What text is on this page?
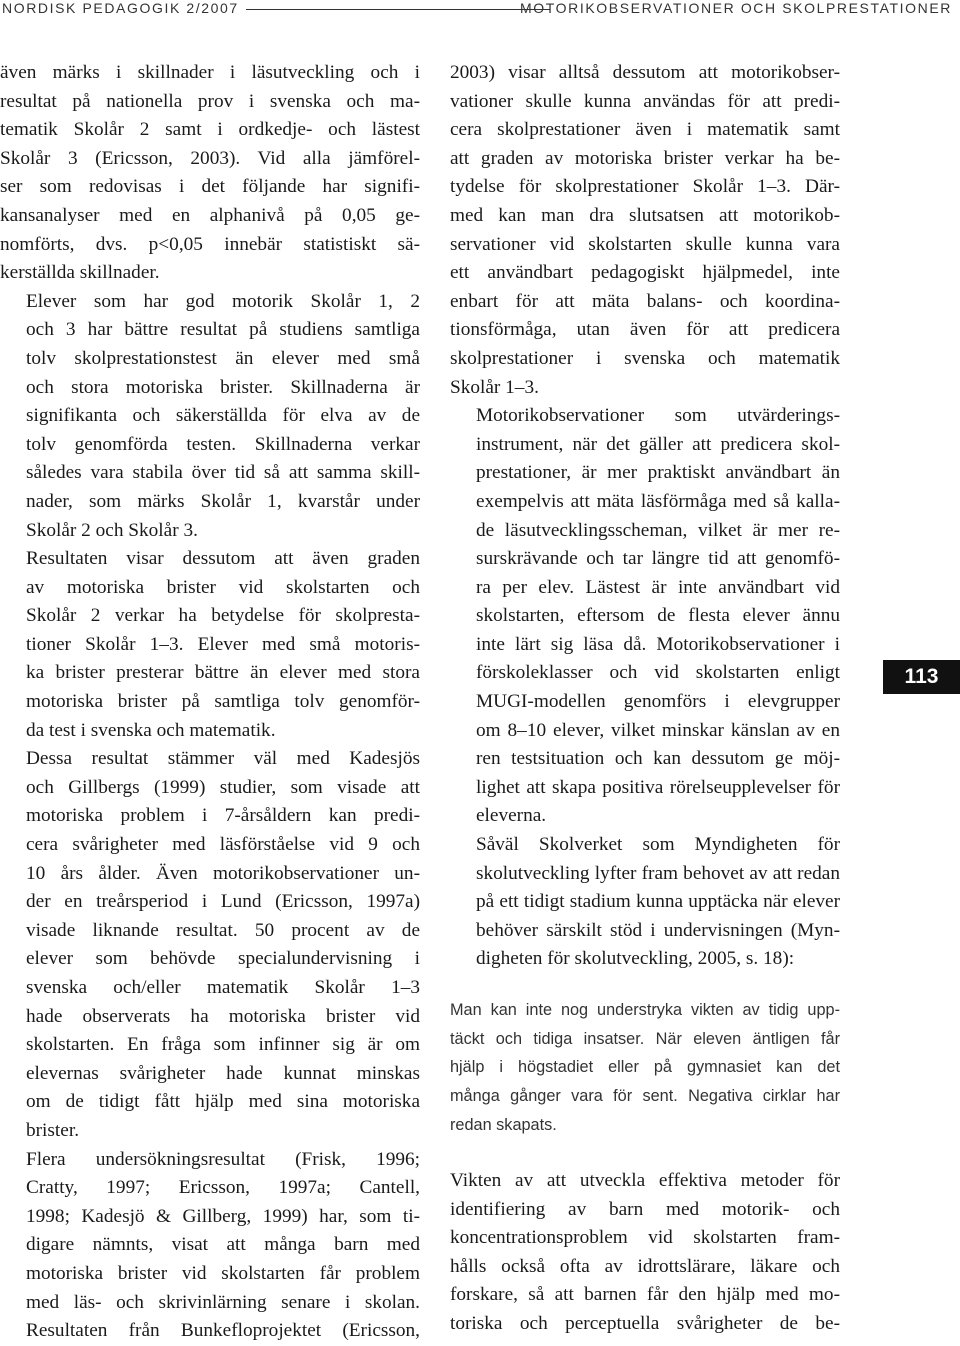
NORDISK PEDAGOGIK 2/2007	MOTORIKOBSERVATIONER OCH SKOLPRESTATIONER

även märks i skillnader i läsutveckling och i
resultat på nationella prov i svenska och ma-
tematik Skolår 2 samt i ordkedje- och lästest
Skolår 3 (Ericsson, 2003). Vid alla jämförel-
ser som redovisas i det följande har signifi-
kansanalyser med en alphanivå på 0,05 ge-
nomförts, dvs. p<0,05 innebär statistiskt sä-
kerställda skillnader.

Elever som har god motorik Skolår 1, 2
och 3 har bättre resultat på studiens samtliga
tolv skolprestationstest än elever med små
och stora motoriska brister. Skillnaderna är
signifikanta och säkerställda för elva av de
tolv genomförda testen. Skillnaderna verkar
således vara stabila över tid så att samma skill-
nader, som märks Skolår 1, kvarstår under
Skolår 2 och Skolår 3.

Resultaten visar dessutom att även graden
av motoriska brister vid skolstarten och
Skolår 2 verkar ha betydelse för skolpresta-
tioner Skolår 1–3. Elever med små motoris-
ka brister presterar bättre än elever med stora
motoriska brister på samtliga tolv genomför-
da test i svenska och matematik.

Dessa resultat stämmer väl med Kadesjös
och Gillbergs (1999) studier, som visade att
motoriska problem i 7-årsåldern kan predi-
cera svårigheter med läsförståelse vid 9 och
10 års ålder. Även motorikobservationer un-
der en treårsperiod i Lund (Ericsson, 1997a)
visade liknande resultat. 50 procent av de
elever som behövde specialundervisning i
svenska och/eller matematik Skolår 1–3
hade observerats ha motoriska brister vid
skolstarten. En fråga som infinner sig är om
elevernas svårigheter hade kunnat minskas
om de tidigt fått hjälp med sina motoriska
brister.

Flera undersökningsresultat (Frisk, 1996;
Cratty, 1997; Ericsson, 1997a; Cantell,
1998; Kadesjö & Gillberg, 1999) har, som ti-
digare nämnts, visat att många barn med
motoriska brister vid skolstarten får problem
med läs- och skrivinlärning senare i skolan.
Resultaten från Bunkefloprojektet (Ericsson,

2003) visar alltså dessutom att motorikobser-
vationer skulle kunna användas för att predi-
cera skolprestationer även i matematik samt
att graden av motoriska brister verkar ha be-
tydelse för skolprestationer Skolår 1–3. Där-
med kan man dra slutsatsen att motorikob-
servationer vid skolstarten skulle kunna vara
ett användbart pedagogiskt hjälpmedel, inte
enbart för att mäta balans- och koordina-
tionsförmåga, utan även för att predicera
skolprestationer i svenska och matematik
Skolår 1–3.

Motorikobservationer som utvärderings-
instrument, när det gäller att predicera skol-
prestationer, är mer praktiskt användbart än
exempelvis att mäta läsförmåga med så kalla-
de läsutvecklingsscheman, vilket är mer re-
surskrävande och tar längre tid att genomfö-
ra per elev. Lästest är inte användbart vid
skolstarten, eftersom de flesta elever ännu
inte lärt sig läsa då. Motorikobservationer i
förskoleklasser och vid skolstarten enligt
MUGI-modellen genomförs i elevgrupper
om 8–10 elever, vilket minskar känslan av en
ren testsituation och kan dessutom ge möj-
lighet att skapa positiva rörelseupplevelser för
eleverna.

Såväl Skolverket som Myndigheten för
skolutveckling lyfter fram behovet av att redan
på ett tidigt stadium kunna upptäcka när elever
behöver särskilt stöd i undervisningen (Myn-
digheten för skolutveckling, 2005, s. 18):

Man kan inte nog understryka vikten av tidig upp-
täckt och tidiga insatser. När eleven äntligen får
hjälp i högstadiet eller på gymnasiet kan det
många gånger vara för sent. Negativa cirklar har
redan skapats.
Vikten av att utveckla effektiva metoder för
identifiering av barn med motorik- och
koncentrationsproblem vid skolstarten fram-
hålls också ofta av idrottslärare, läkare och
forskare, så att barnen får den hjälp med mo-
toriska och perceptuella svårigheter de be-
113
